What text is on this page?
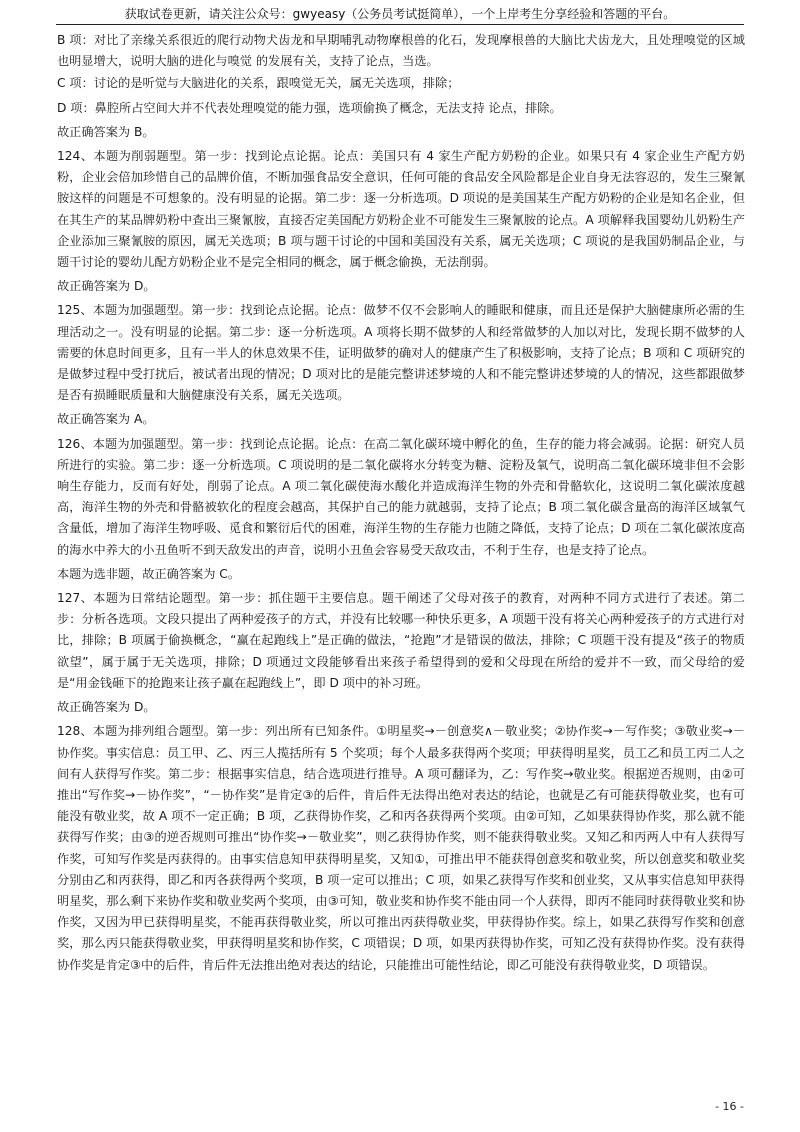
获取试卷更新，请关注公众号：gwyeasy（公务员考试挺简单），一个上岸考生分享经验和答题的平台。

B 项：对比了亲缘关系很近的爬行动物犬齿龙和早期哺乳动物摩根兽的化石，发现摩根兽的大脑比犬齿龙大，且处理嗅觉的区域也明显增大，说明大脑的进化与嗅觉 的发展有关，支持了论点，当选。

C 项：讨论的是听觉与大脑进化的关系，跟嗅觉无关，属无关选项，排除；

D 项：鼻腔所占空间大并不代表处理嗅觉的能力强，选项偷换了概念，无法支持 论点，排除。

故正确答案为 B。

124、本题为削弱题型。第一步：找到论点论据。论点：美国只有 4 家生产配方奶粉的企业。如果只有 4 家企业生产配方奶粉，企业会倍加珍惜自己的品牌价值，不断加强食品安全意识，任何可能的食品安全风险都是企业自身无法容忍的，发生三聚氰胺这样的问题是不可想象的。没有明显的论据。第二步：逐一分析选项。D 项说的是美国某生产配方奶粉的企业是知名企业，但在其生产的某品牌奶粉中查出三聚氰胺，直接否定美国配方奶粉企业不可能发生三聚氰胺的论点。A 项解释我国婴幼儿奶粉生产企业添加三聚氰胺的原因，属无关选项；B 项与题干讨论的中国和美国没有关系，属无关选项；C 项说的是我国奶制品企业，与题干讨论的婴幼儿配方奶粉企业不是完全相同的概念，属于概念偷换，无法削弱。

故正确答案为 D。

125、本题为加强题型。第一步：找到论点论据。论点：做梦不仅不会影响人的睡眠和健康，而且还是保护大脑健康所必需的生理活动之一。没有明显的论据。第二步：逐一分析选项。A 项将长期不做梦的人和经常做梦的人加以对比，发现长期不做梦的人需要的休息时间更多，且有一半人的休息效果不佳，证明做梦的确对人的健康产生了积极影响，支持了论点；B 项和 C 项研究的是做梦过程中受打扰后，被试者出现的情况；D 项对比的是能完整讲述梦境的人和不能完整讲述梦境的人的情况，这些都跟做梦是否有损睡眠质量和大脑健康没有关系，属无关选项。

故正确答案为 A。

126、本题为加强题型。第一步：找到论点论据。论点：在高二氧化碳环境中孵化的鱼，生存的能力将会减弱。论据：研究人员所进行的实验。第二步：逐一分析选项。C 项说明的是二氧化碳将水分转变为糖、淀粉及氧气，说明高二氧化碳环境非但不会影响生存能力，反而有好处，削弱了论点。A 项二氧化碳使海水酸化并造成海洋生物的外壳和骨骼软化，这说明二氧化碳浓度越高，海洋生物的外壳和骨骼被软化的程度会越高，其保护自己的能力就越弱，支持了论点；B 项二氧化碳含量高的海洋区域氧气含量低，增加了海洋生物呼吸、觅食和繁衍后代的困难，海洋生物的生存能力也随之降低，支持了论点；D 项在二氧化碳浓度高的海水中养大的小丑鱼听不到天敌发出的声音，说明小丑鱼会容易受天敌攻击，不利于生存，也是支持了论点。

本题为选非题，故正确答案为 C。

127、本题为日常结论题型。第一步：抓住题干主要信息。题干阐述了父母对孩子的教育，对两种不同方式进行了表述。第二步：分析各选项。文段只提出了两种爱孩子的方式，并没有比较哪一种快乐更多，A 项题干没有将关心两种爱孩子的方式进行对比，排除；B 项属于偷换概念，“赢在起跑线上”是正确的做法，“抢跑”才是错误的做法，排除；C 项题干没有提及“孩子的物质欲望”，属于属于无关选项，排除；D 项通过文段能够看出来孩子希望得到的爱和父母现在所给的爱并不一致，而父母给的爱是“用金钱砸下的抢跑来让孩子赢在起跑线上”，即 D 项中的补习班。

故正确答案为 D。

128、本题为排列组合题型。第一步：列出所有已知条件。①明星奖→－创意奖∧－敬业奖；②协作奖→－写作奖；③敬业奖→－协作奖。事实信息：员工甲、乙、丙三人揽括所有 5 个奖项；每个人最多获得两个奖项；甲获得明星奖，员工乙和员工丙二人之间有人获得写作奖。第二步：根据事实信息，结合选项进行推导。A 项可翻译为，乙：写作奖→敬业奖。根据逆否规则，由②可推出“写作奖→－协作奖”，“－协作奖”是肯定③的后件，肯后件无法得出绝对表达的结论，也就是乙有可能获得敬业奖，也有可能没有敬业奖，故 A 项不一定正确；B 项，乙获得协作奖，乙和丙各获得两个奖项。由②可知，乙如果获得协作奖，那么就不能获得写作奖；由③的逆否规则可推出“协作奖→－敬业奖”，则乙获得协作奖，则不能获得敬业奖。又知乙和丙两人中有人获得写作奖，可知写作奖是丙获得的。由事实信息知甲获得明星奖，又知①，可推出甲不能获得创意奖和敬业奖，所以创意奖和敬业奖分别由乙和丙获得，即乙和丙各获得两个奖项，B 项一定可以推出；C 项，如果乙获得写作奖和创业奖，又从事实信息知甲获得明星奖，那么剩下来协作奖和敬业奖两个奖项，由③可知，敬业奖和协作奖不能由同一个人获得，即丙不能同时获得敬业奖和协作奖，又因为甲已获得明星奖，不能再获得敬业奖，所以可推出丙获得敬业奖，甲获得协作奖。综上，如果乙获得写作奖和创意奖，那么丙只能获得敬业奖，甲获得明星奖和协作奖，C 项错误；D 项，如果丙获得协作奖，可知乙没有获得协作奖。没有获得协作奖是肯定③中的后件，肯后件无法推出绝对表达的结论，只能推出可能性结论，即乙可能没有获得敬业奖，D 项错误。

- 16 -
